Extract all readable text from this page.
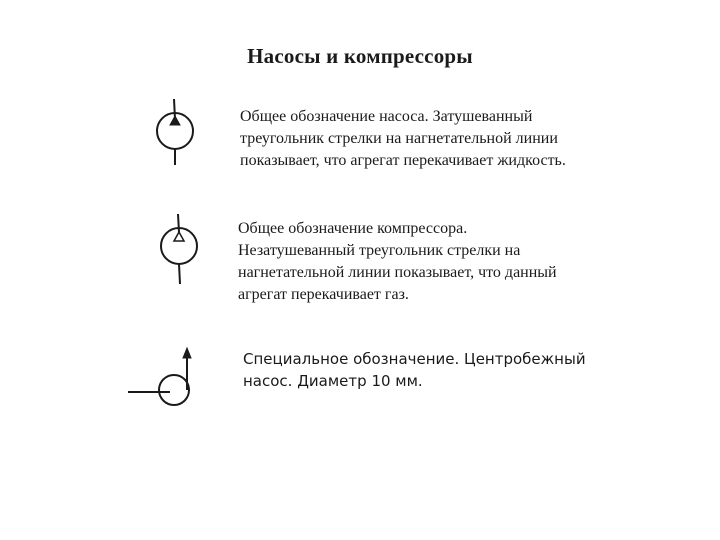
Насосы и компрессоры
Общее обозначение насоса. Затушеванный
треугольник стрелки на нагнетательной линии
показывает, что агрегат перекачивает жидкость.
Общее обозначение компрессора.
Незатушеванный треугольник стрелки на
нагнетательной линии показывает, что данный
агрегат перекачивает газ.
Специальное обозначение. Центробежный
насос. Диаметр 10 мм.
